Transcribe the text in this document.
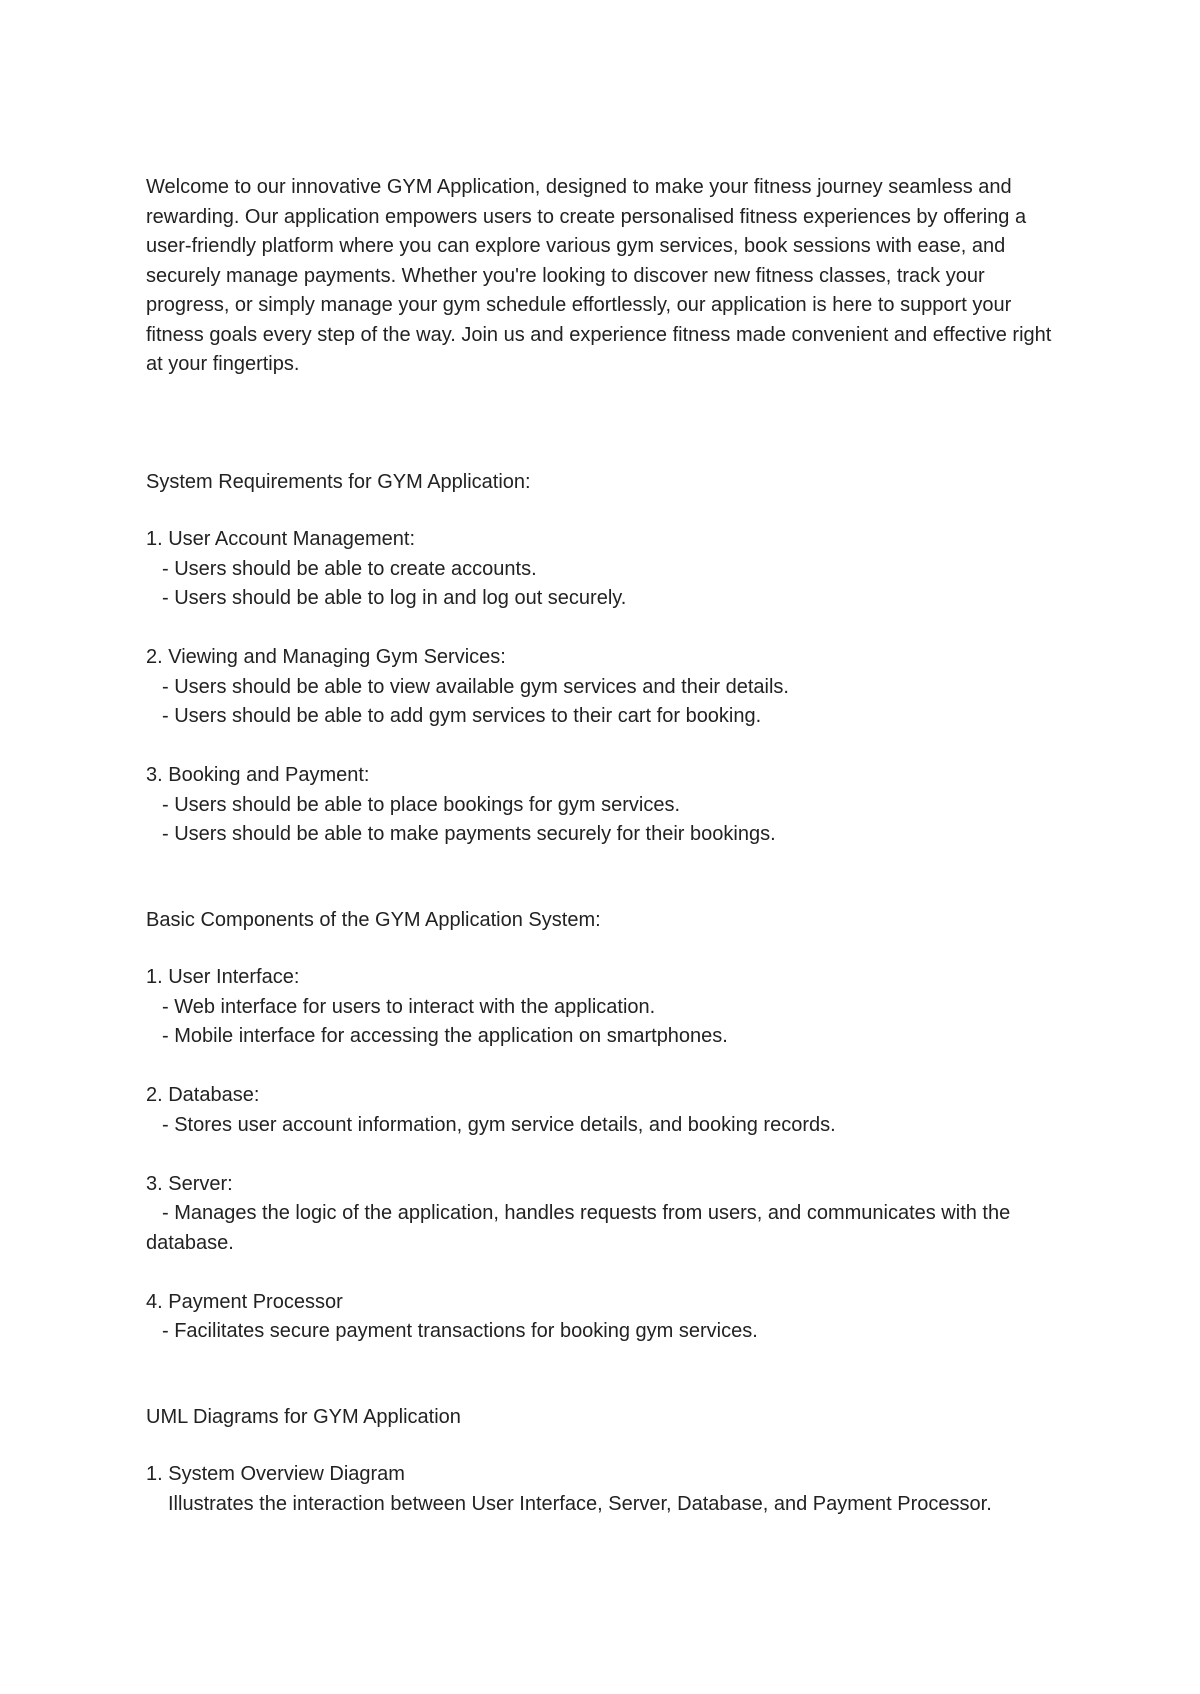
Welcome to our innovative GYM Application, designed to make your fitness journey seamless and rewarding. Our application empowers users to create personalised fitness experiences by offering a user-friendly platform where you can explore various gym services, book sessions with ease, and securely manage payments. Whether you're looking to discover new fitness classes, track your progress, or simply manage your gym schedule effortlessly, our application is here to support your fitness goals every step of the way. Join us and experience fitness made convenient and effective right at your fingertips.

System Requirements for GYM Application:

1. User Account Management:
- Users should be able to create accounts.
- Users should be able to log in and log out securely.
2. Viewing and Managing Gym Services:
- Users should be able to view available gym services and their details.
- Users should be able to add gym services to their cart for booking.
3. Booking and Payment:
- Users should be able to place bookings for gym services.
- Users should be able to make payments securely for their bookings.

Basic Components of the GYM Application System:

1. User Interface:
- Web interface for users to interact with the application.
- Mobile interface for accessing the application on smartphones.
2. Database:
- Stores user account information, gym service details, and booking records.
3. Server:
- Manages the logic of the application, handles requests from users, and communicates with the database.
4. Payment Processor
- Facilitates secure payment transactions for booking gym services.

UML Diagrams for GYM Application

1. System Overview Diagram
Illustrates the interaction between User Interface, Server, Database, and Payment Processor.
